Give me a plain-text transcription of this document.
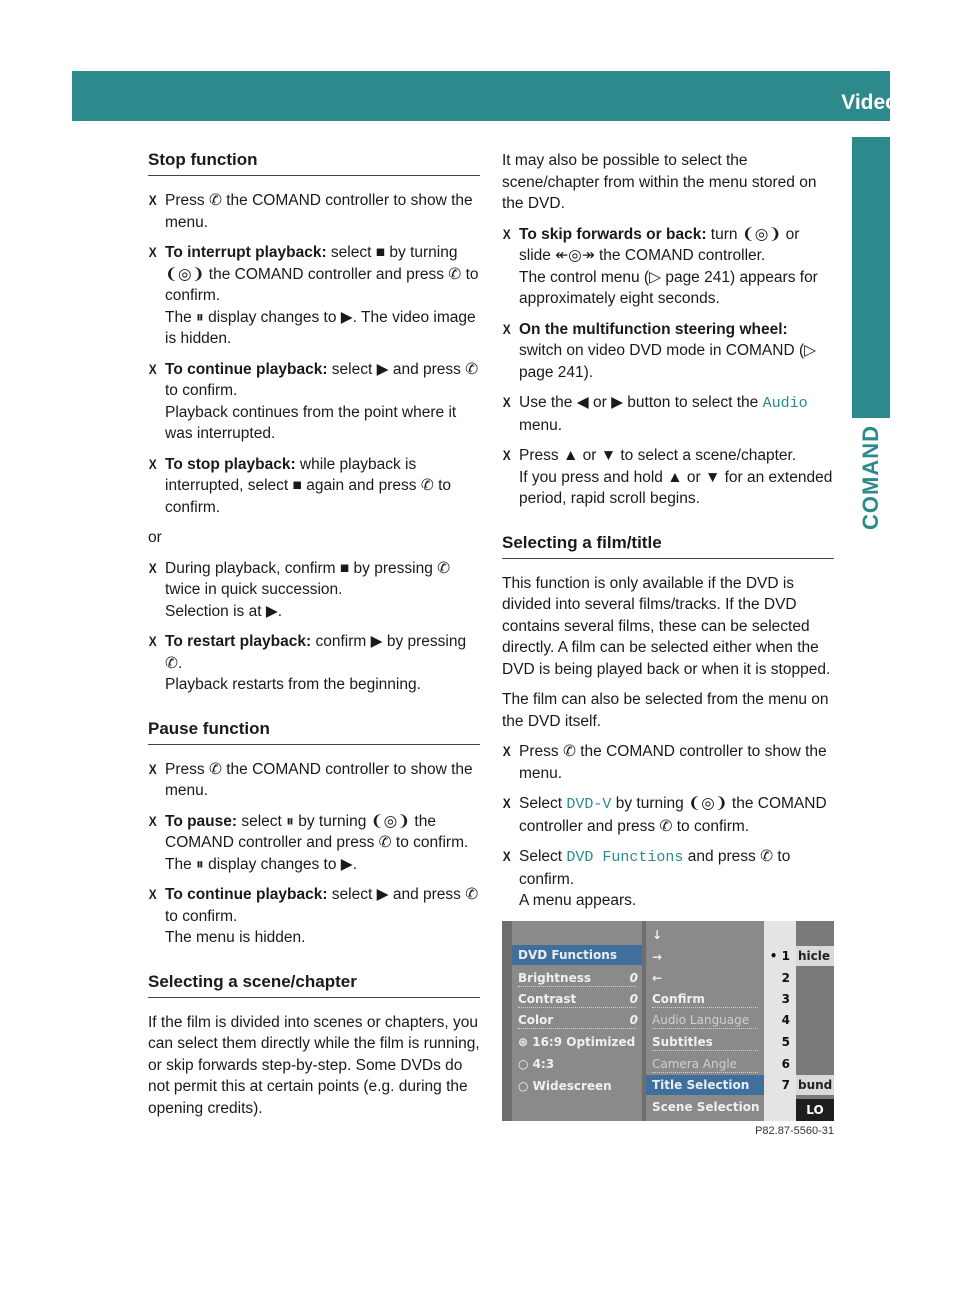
Video	243
COMAND
Stop function

X Press ✆ the COMAND controller to show the menu.

X To interrupt playback: select ■ by turning ❨◎❩ the COMAND controller and press ✆ to confirm.
The ⏸ display changes to ▶. The video image is hidden.

X To continue playback: select ▶ and press ✆ to confirm.
Playback continues from the point where it was interrupted.

X To stop playback: while playback is interrupted, select ■ again and press ✆ to confirm.

or

X During playback, confirm ■ by pressing ✆ twice in quick succession.
Selection is at ▶.

X To restart playback: confirm ▶ by pressing ✆.
Playback restarts from the beginning.

Pause function

X Press ✆ the COMAND controller to show the menu.

X To pause: select ⏸ by turning ❨◎❩ the COMAND controller and press ✆ to confirm.
The ⏸ display changes to ▶.

X To continue playback: select ▶ and press ✆ to confirm.
The menu is hidden.

Selecting a scene/chapter

If the film is divided into scenes or chapters, you can select them directly while the film is running, or skip forwards step-by-step. Some DVDs do not permit this at certain points (e.g. during the opening credits).

It may also be possible to select the scene/chapter from within the menu stored on the DVD.

X To skip forwards or back: turn ❨◎❩ or slide ↞◎↠ the COMAND controller.
The control menu (▷ page 241) appears for approximately eight seconds.

X On the multifunction steering wheel: switch on video DVD mode in COMAND (▷ page 241).

X Use the ◀ or ▶ button to select the Audio menu.

X Press ▲ or ▼ to select a scene/chapter.
If you press and hold ▲ or ▼ for an extended period, rapid scroll begins.

Selecting a film/title

This function is only available if the DVD is divided into several films/tracks. If the DVD contains several films, these can be selected directly. A film can be selected either when the DVD is being played back or when it is stopped.

The film can also be selected from the menu on the DVD itself.

X Press ✆ the COMAND controller to show the menu.

X Select DVD-V by turning ❨◎❩ the COMAND controller and press ✆ to confirm.

X Select DVD Functions and press ✆ to confirm.
A menu appears.

DVD Functions
Brightness	0
Contrast	0
Color	0
⊛ 16:9 Optimized
○ 4:3
○ Widescreen
↓
→
←
Confirm
Audio Language
Subtitles
Camera Angle
Title Selection
Scene Selection
• 1
2
3
4
5
6
7
hicle
bund
LO
P82.87-5560-31
